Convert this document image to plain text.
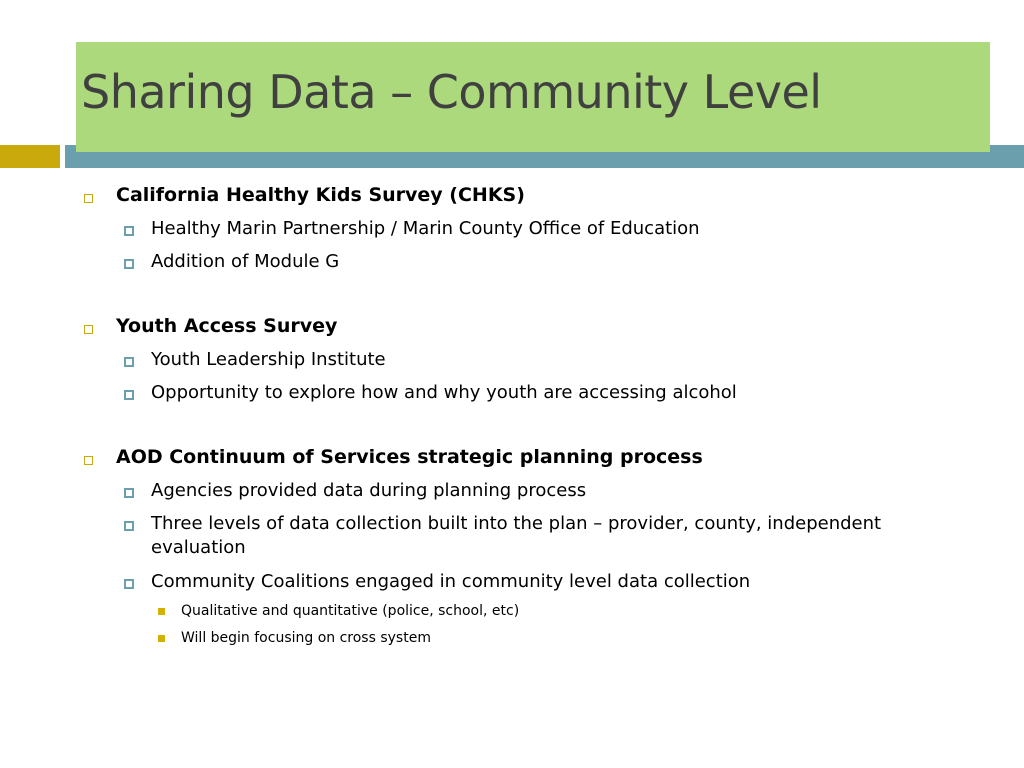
Sharing Data – Community Level
California Healthy Kids Survey (CHKS)
Healthy Marin Partnership / Marin County Office of Education
Addition of Module G
Youth Access Survey
Youth Leadership Institute
Opportunity to explore how and why youth are accessing alcohol
AOD Continuum of Services strategic planning process
Agencies provided data during planning process
Three levels of data collection built into the plan – provider, county, independent evaluation
Community Coalitions engaged in community level data collection
Qualitative and quantitative (police, school, etc)
Will begin focusing on cross system
